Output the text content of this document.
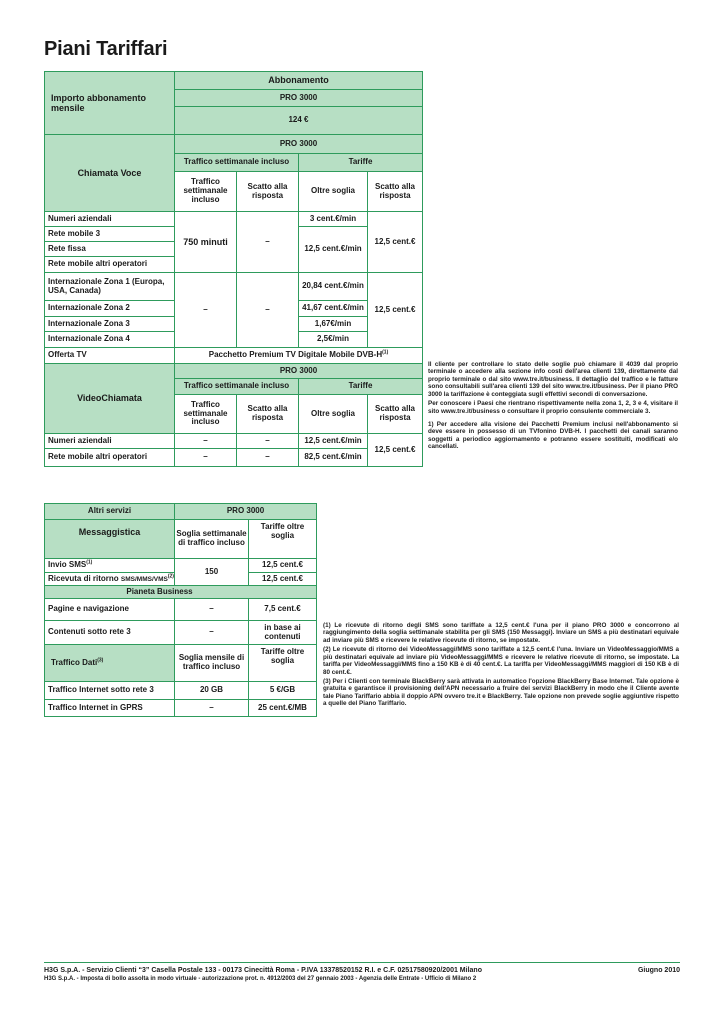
Piani Tariffari
Importo abbonamento mensile	Abbonamento			
	PRO 3000			
	124 €			
Chiamata Voce	PRO 3000			
	Traffico settimanale incluso		Tariffe	
	Traffico settimanale incluso	Scatto alla risposta	Oltre soglia	Scatto alla risposta
Numeri aziendali	750 minuti	–	3 cent.€/min	12,5 cent.€
Rete mobile 3			12,5 cent.€/min	
Rete fissa				
Rete mobile altri operatori				
Internazionale Zona 1 (Europa, USA, Canada)	–	–	20,84 cent.€/min	12,5 cent.€
Internazionale Zona 2			41,67 cent.€/min	
Internazionale Zona 3			1,67€/min	
Internazionale Zona 4			2,5€/min	
Offerta TV	Pacchetto Premium TV Digitale Mobile DVB-$H^{(1)}$
VideoChiamata	PRO 3000			
	Traffico settimanale incluso		Tariffe	
	Traffico settimanale incluso	Scatto alla risposta	Oltre soglia	Scatto alla risposta
Numeri aziendali	–	–	12,5 cent.€/min	12,5 cent.€
Rete mobile altri operatori	–	–	82,5 cent.€/min	

Il cliente per controllare lo stato delle soglie può chiamare il 4039 dal proprio terminale o accedere alla sezione info costi dell'area clienti 139, direttamente dal proprio terminale o dal sito www.tre.it/business. Il dettaglio del traffico e le fatture sono consultabili sull'area clienti 139 del sito www.tre.it/business. Per il piano PRO 3000 la tariffazione è conteggiata sugli effettivi secondi di conversazione.

Per conoscere i Paesi che rientrano rispettivamente nella zona 1, 2, 3 e 4, visitare il sito www.tre.it/business o consultare il proprio consulente commerciale 3.

1) Per accedere alla visione dei Pacchetti Premium inclusi nell'abbonamento si deve essere in possesso di un TVfonino DVB-H. I pacchetti dei canali saranno soggetti a periodico aggiornamento e potranno essere sostituiti, modificati e/o cancellati.

Altri servizi	PRO 3000	
Messaggistica	Soglia settimanale di traffico incluso	Tariffe oltre soglia
Invio SMS$^{(1)}$	150	12,5 cent.€
Ricevuta di ritorno SMS/MMS/VMS$^{(2)}$		12,5 cent.€
Pianeta Business		
Pagine e navigazione	–	7,5 cent.€
Contenuti sotto rete 3	–	in base ai contenuti
Traffico Dati$^{(3)}$	Soglia mensile di traffico incluso	Tariffe oltre soglia
Traffico Internet sotto rete 3	20 GB	5 €/GB
Traffico Internet in GPRS	–	25 cent.€/MB

(1) Le ricevute di ritorno degli SMS sono tariffate a 12,5 cent.€ l'una per il piano PRO 3000 e concorrono al raggiungimento della soglia settimanale stabilita per gli SMS (150 Messaggi). Inviare un SMS a più destinatari equivale ad inviare più SMS e ricevere le relative ricevute di ritorno, se impostate.

(2) Le ricevute di ritorno dei VideoMessaggi/MMS sono tariffate a 12,5 cent.€ l'una. Inviare un VideoMessaggio/MMS a più destinatari equivale ad inviare più VideoMessaggi/MMS e ricevere le relative ricevute di ritorno, se impostate. La tariffa per VideoMessaggi/MMS fino a 150 KB è di 40 cent.€. La tariffa per VideoMessaggi/MMS maggiori di 150 KB è di 80 cent.€.

(3) Per i Clienti con terminale BlackBerry sarà attivata in automatico l'opzione BlackBerry Base Internet. Tale opzione è gratuita e garantisce il provisioning dell'APN necessario a fruire dei servizi BlackBerry in modo che il Cliente avente tale Piano Tariffario abbia il doppio APN ovvero tre.it e BlackBerry. Tale opzione non prevede soglie aggiuntive rispetto a quelle del Piano Tariffario.

H3G S.p.A. - Servizio Clienti “3” Casella Postale 133 - 00173 Cinecittà Roma - P.IVA 13378520152 R.I. e C.F. 02517580920/2001 Milano	Giugno 2010
H3G S.p.A. - Imposta di bollo assolta in modo virtuale - autorizzazione prot. n. 4912/2003 del 27 gennaio 2003 - Agenzia delle Entrate - Ufficio di Milano 2
